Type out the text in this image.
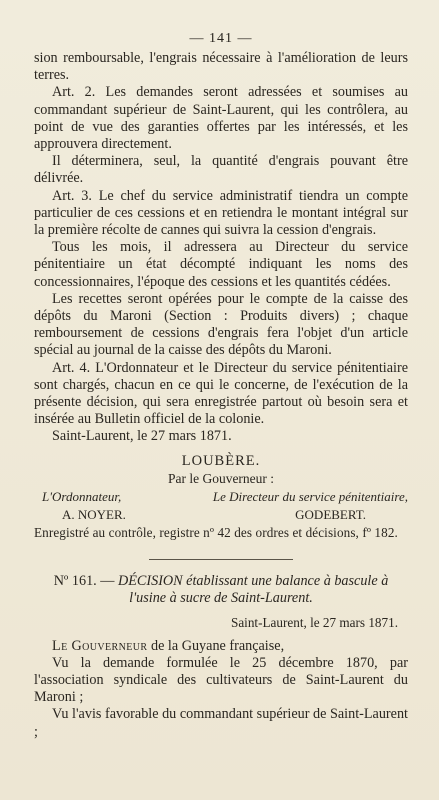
— 141 —

sion remboursable, l'engrais nécessaire à l'amélioration de leurs terres.

Art. 2. Les demandes seront adressées et soumises au commandant supérieur de Saint-Laurent, qui les contrôlera, au point de vue des garanties offertes par les intéressés, et les approuvera directement.

Il déterminera, seul, la quantité d'engrais pouvant être délivrée.

Art. 3. Le chef du service administratif tiendra un compte particulier de ces cessions et en retiendra le montant intégral sur la première récolte de cannes qui suivra la cession d'engrais.

Tous les mois, il adressera au Directeur du service pénitentiaire un état décompté indiquant les noms des concessionnaires, l'époque des cessions et les quantités cédées.

Les recettes seront opérées pour le compte de la caisse des dépôts du Maroni (Section : Produits divers) ; chaque remboursement de cessions d'engrais fera l'objet d'un article spécial au journal de la caisse des dépôts du Maroni.

Art. 4. L'Ordonnateur et le Directeur du service pénitentiaire sont chargés, chacun en ce qui le concerne, de l'exécution de la présente décision, qui sera enregistrée partout où besoin sera et insérée au Bulletin officiel de la colonie.

Saint-Laurent, le 27 mars 1871.

LOUBÈRE.
Par le Gouverneur :
L'Ordonnateur,	Le Directeur du service pénitentiaire,
A. NOYER.	GODEBERT.
Enregistré au contrôle, registre nº 42 des ordres et décisions, fº 182.
Nº 161. — DÉCISION établissant une balance à bascule à l'usine à sucre de Saint-Laurent.
Saint-Laurent, le 27 mars 1871.

Le Gouverneur de la Guyane française,

Vu la demande formulée le 25 décembre 1870, par l'association syndicale des cultivateurs de Saint-Laurent du Maroni ;

Vu l'avis favorable du commandant supérieur de Saint-Laurent ;
